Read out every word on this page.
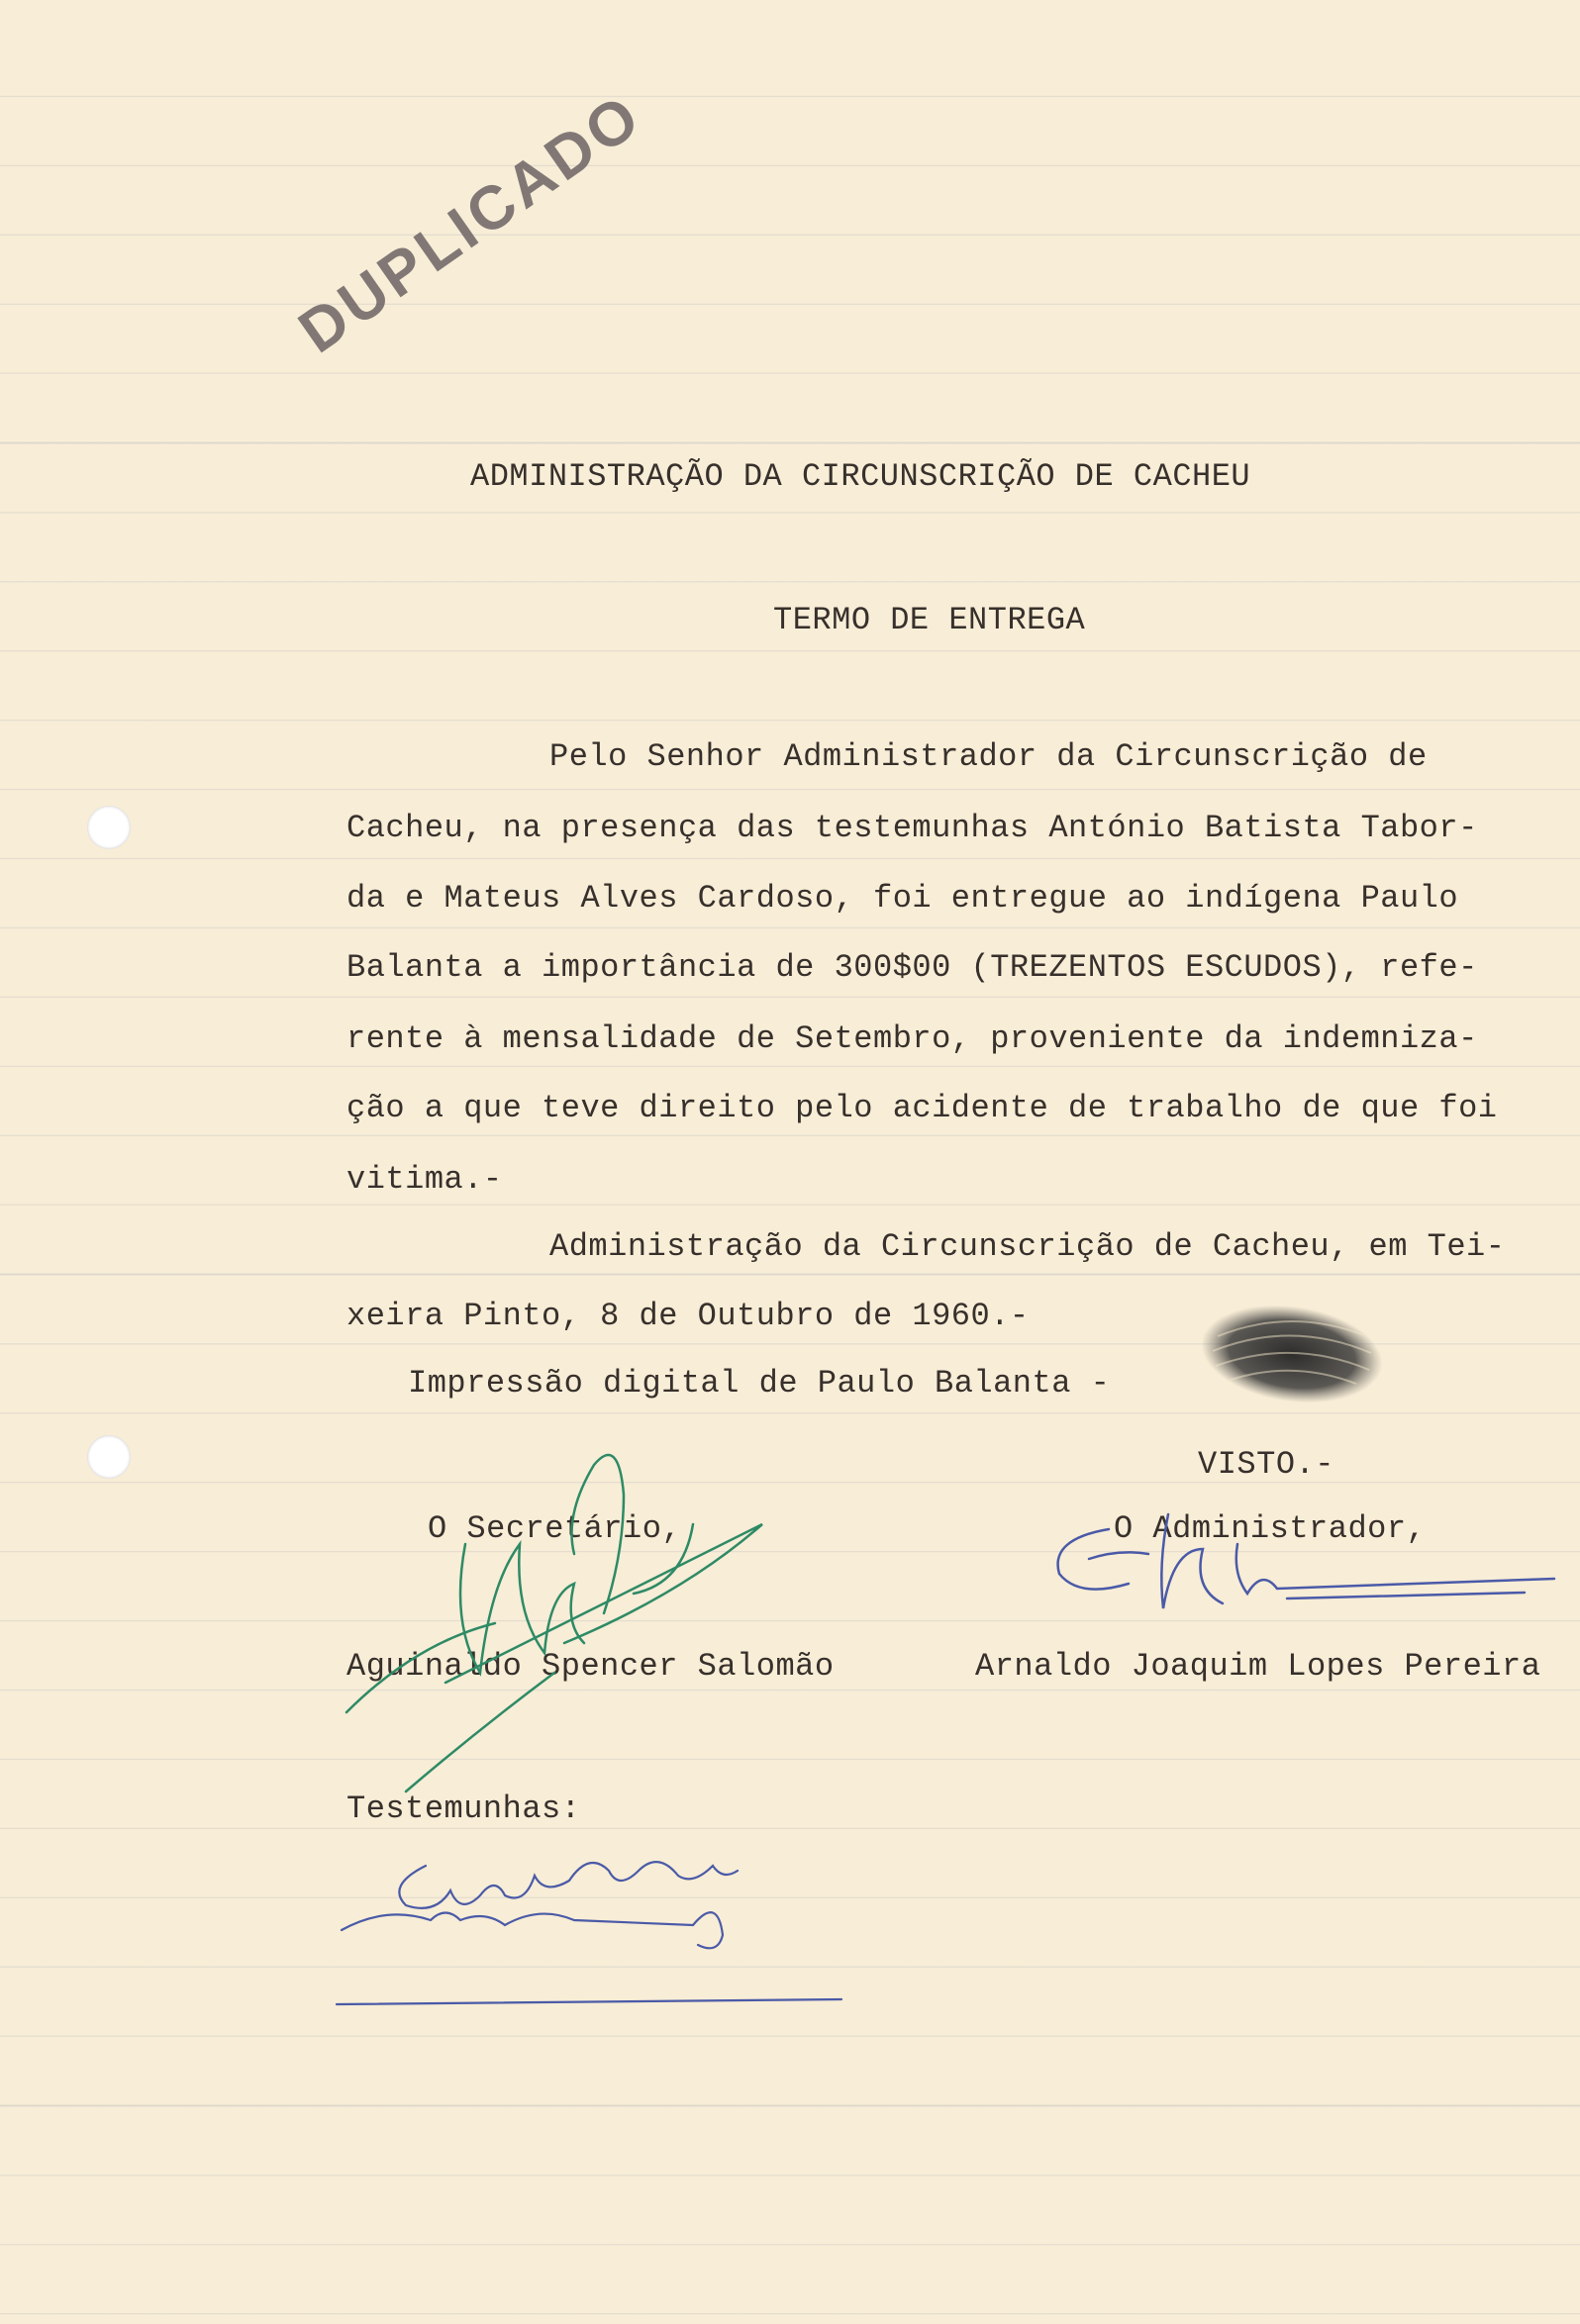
DUPLICADO
ADMINISTRAÇÃO DA CIRCUNSCRIÇÃO DE CACHEU
TERMO DE ENTREGA
Pelo Senhor Administrador da Circunscrição de
Cacheu, na presença das testemunhas António Batista Tabor-
da e Mateus Alves Cardoso, foi entregue ao indígena Paulo
Balanta a importância de 300$00 (TREZENTOS ESCUDOS), refe-
rente à mensalidade de Setembro, proveniente da indemniza-
ção a que teve direito pelo acidente de trabalho de que foi
vitima.-
Administração da Circunscrição de Cacheu, em Tei-
xeira Pinto, 8 de Outubro de 1960.-
Impressão digital de Paulo Balanta -
VISTO.-
O Secretário,	O Administrador,
Aguinaldo Spencer Salomão	Arnaldo Joaquim Lopes Pereira
Testemunhas:
